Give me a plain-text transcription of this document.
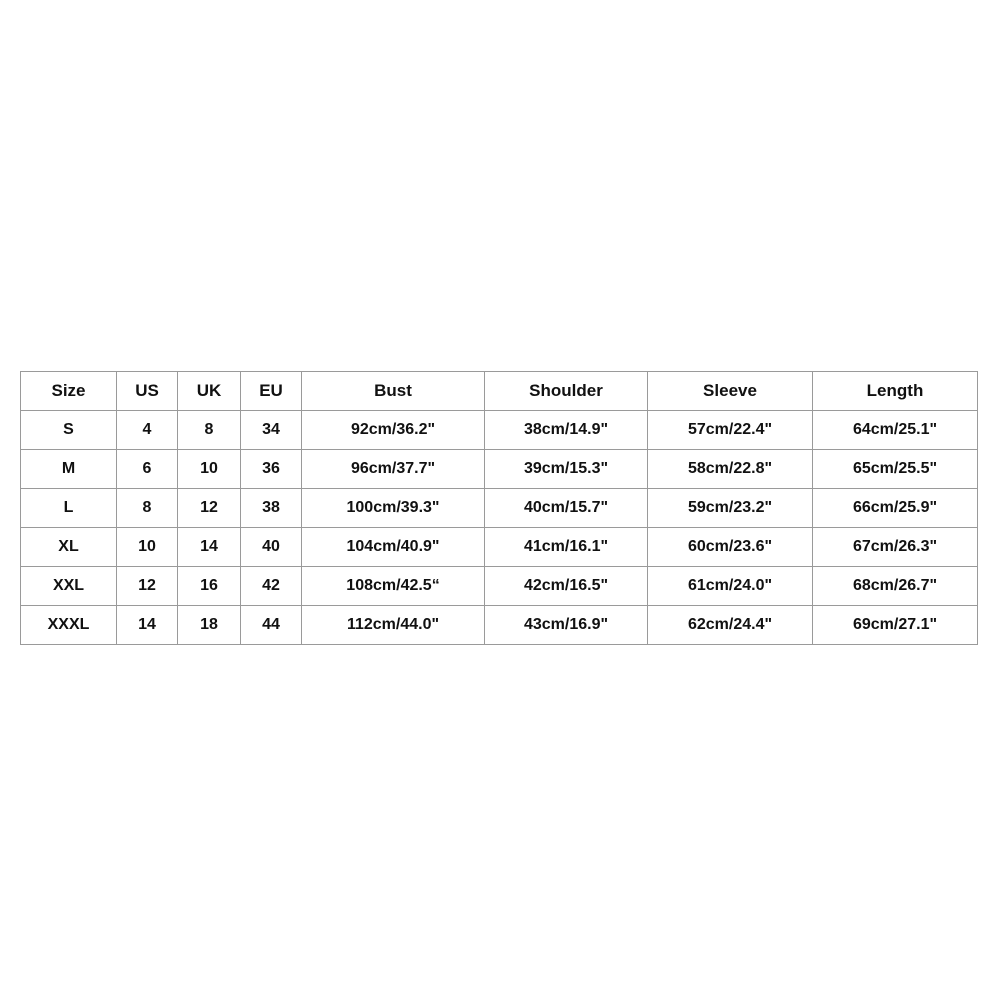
Size	US	UK	EU	Bust	Shoulder	Sleeve	Length
S	4	8	34	92cm/36.2"	38cm/14.9"	57cm/22.4"	64cm/25.1"
M	6	10	36	96cm/37.7"	39cm/15.3"	58cm/22.8"	65cm/25.5"
L	8	12	38	100cm/39.3"	40cm/15.7"	59cm/23.2"	66cm/25.9"
XL	10	14	40	104cm/40.9"	41cm/16.1"	60cm/23.6"	67cm/26.3"
XXL	12	16	42	108cm/42.5“	42cm/16.5"	61cm/24.0"	68cm/26.7"
XXXL	14	18	44	112cm/44.0"	43cm/16.9"	62cm/24.4"	69cm/27.1"
